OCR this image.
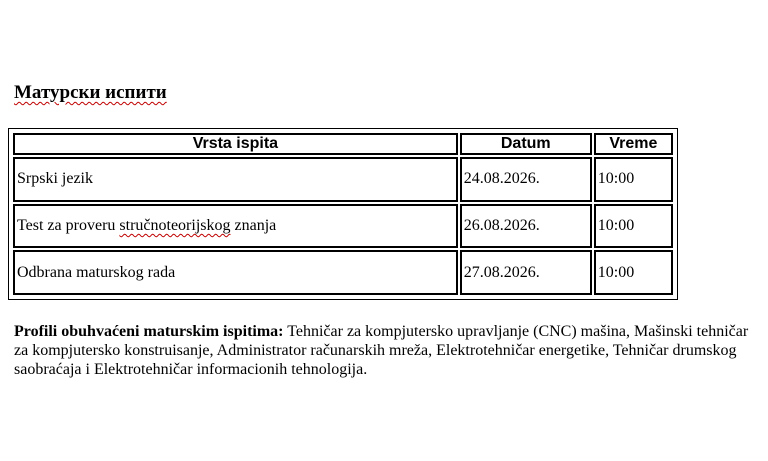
Матурски испити
Vrsta ispita	Datum	Vreme
Srpski jezik	24.08.2026.	10:00
Test za proveru stručnoteorijskog znanja	26.08.2026.	10:00
Odbrana maturskog rada	27.08.2026.	10:00
Profili obuhvaćeni maturskim ispitima: Tehničar za kompjutersko upravljanje (CNC) mašina, Mašinski tehničar za kompjutersko konstruisanje, Administrator računarskih mreža, Elektrotehničar energetike, Tehničar drumskog saobraćaja i Elektrotehničar informacionih tehnologija.
